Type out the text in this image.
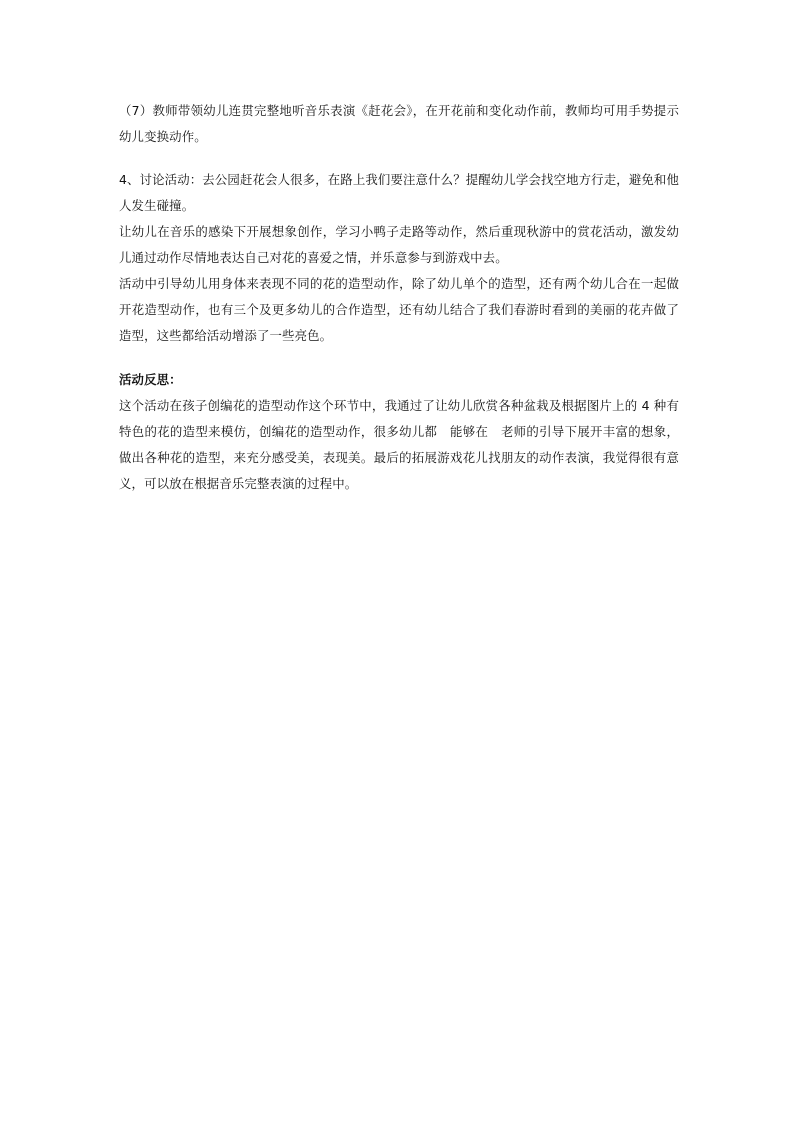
（7）教师带领幼儿连贯完整地听音乐表演《赶花会》，在开花前和变化动作前，教师均可用手势提示幼儿变换动作。

4、讨论活动：去公园赶花会人很多，在路上我们要注意什么？提醒幼儿学会找空地方行走，避免和他人发生碰撞。

让幼儿在音乐的感染下开展想象创作，学习小鸭子走路等动作，然后重现秋游中的赏花活动，激发幼儿通过动作尽情地表达自己对花的喜爱之情，并乐意参与到游戏中去。

活动中引导幼儿用身体来表现不同的花的造型动作，除了幼儿单个的造型，还有两个幼儿合在一起做开花造型动作，也有三个及更多幼儿的合作造型，还有幼儿结合了我们春游时看到的美丽的花卉做了造型，这些都给活动增添了一些亮色。

活动反思：

这个活动在孩子创编花的造型动作这个环节中，我通过了让幼儿欣赏各种盆栽及根据图片上的 4 种有特色的花的造型来模仿，创编花的造型动作，很多幼儿都　能够在　老师的引导下展开丰富的想象，做出各种花的造型，来充分感受美，表现美。最后的拓展游戏花儿找朋友的动作表演，我觉得很有意义，可以放在根据音乐完整表演的过程中。
